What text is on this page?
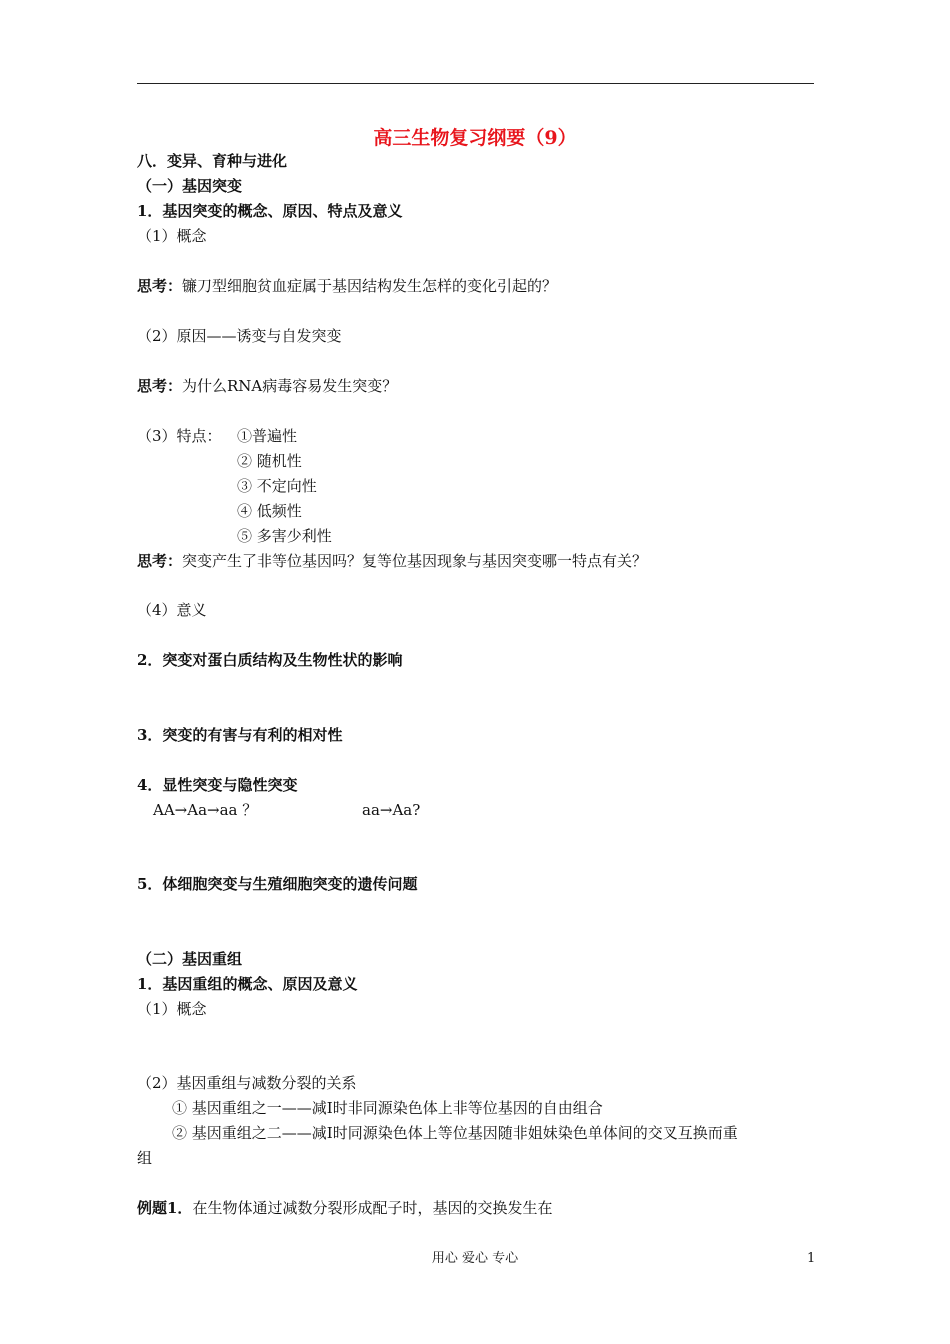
高三生物复习纲要（9）
八．变异、育种与进化
（一）基因突变
1．基因突变的概念、原因、特点及意义
（1）概念
思考：镰刀型细胞贫血症属于基因结构发生怎样的变化引起的？
（2）原因——诱变与自发突变
思考：为什么RNA病毒容易发生突变？
（3）特点： ①普遍性
② 随机性
③ 不定向性
④ 低频性
⑤ 多害少利性
思考：突变产生了非等位基因吗？复等位基因现象与基因突变哪一特点有关？
（4）意义
2．突变对蛋白质结构及生物性状的影响
3．突变的有害与有利的相对性
4．显性突变与隐性突变
AA→Aa→aa ？	aa→Aa?
5．体细胞突变与生殖细胞突变的遗传问题
（二）基因重组
1．基因重组的概念、原因及意义
（1）概念
（2）基因重组与减数分裂的关系
① 基因重组之一——减Ⅰ时非同源染色体上非等位基因的自由组合
② 基因重组之二——减Ⅰ时同源染色体上等位基因随非姐妹染色单体间的交叉互换而重
组
例题1．在生物体通过减数分裂形成配子时，基因的交换发生在
用心 爱心 专心	1
